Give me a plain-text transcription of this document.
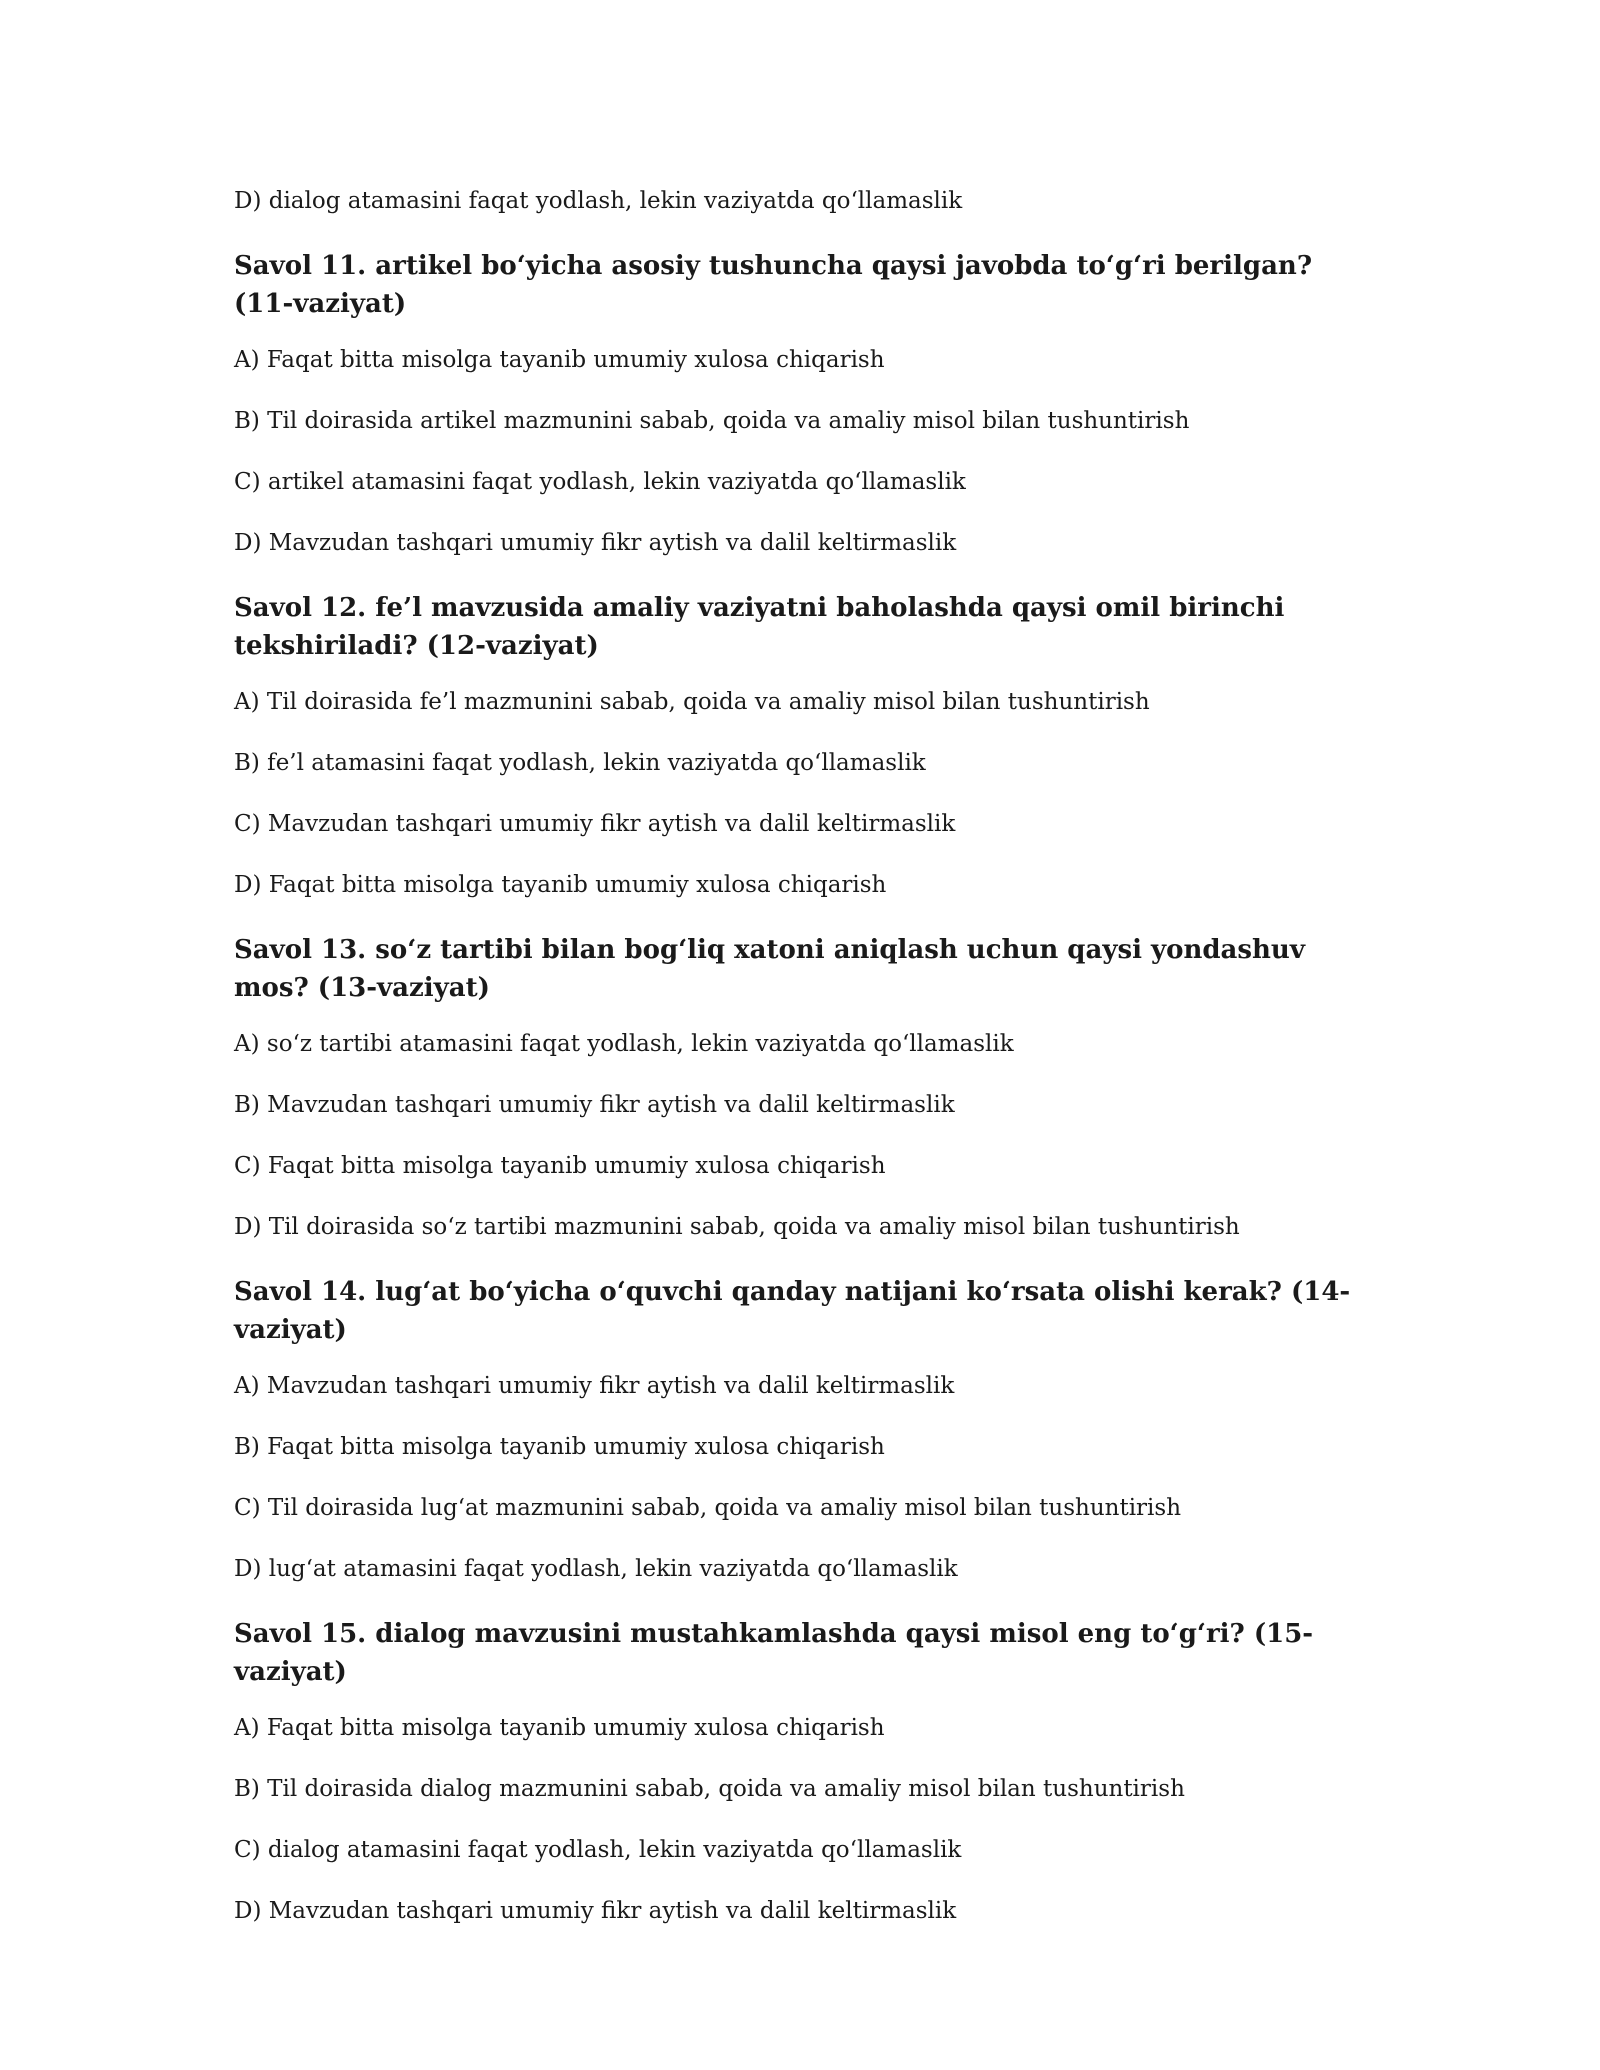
D) dialog atamasini faqat yodlash, lekin vaziyatda qoʻllamaslik

Savol 11. artikel boʻyicha asosiy tushuncha qaysi javobda toʻgʻri berilgan? (11-vaziyat)

A) Faqat bitta misolga tayanib umumiy xulosa chiqarish

B) Til doirasida artikel mazmunini sabab, qoida va amaliy misol bilan tushuntirish

C) artikel atamasini faqat yodlash, lekin vaziyatda qoʻllamaslik

D) Mavzudan tashqari umumiy fikr aytish va dalil keltirmaslik

Savol 12. fe’l mavzusida amaliy vaziyatni baholashda qaysi omil birinchi tekshiriladi? (12-vaziyat)

A) Til doirasida fe’l mazmunini sabab, qoida va amaliy misol bilan tushuntirish

B) fe’l atamasini faqat yodlash, lekin vaziyatda qoʻllamaslik

C) Mavzudan tashqari umumiy fikr aytish va dalil keltirmaslik

D) Faqat bitta misolga tayanib umumiy xulosa chiqarish

Savol 13. soʻz tartibi bilan bogʻliq xatoni aniqlash uchun qaysi yondashuv mos? (13-vaziyat)

A) soʻz tartibi atamasini faqat yodlash, lekin vaziyatda qoʻllamaslik

B) Mavzudan tashqari umumiy fikr aytish va dalil keltirmaslik

C) Faqat bitta misolga tayanib umumiy xulosa chiqarish

D) Til doirasida soʻz tartibi mazmunini sabab, qoida va amaliy misol bilan tushuntirish

Savol 14. lugʻat boʻyicha oʻquvchi qanday natijani koʻrsata olishi kerak? (14-vaziyat)

A) Mavzudan tashqari umumiy fikr aytish va dalil keltirmaslik

B) Faqat bitta misolga tayanib umumiy xulosa chiqarish

C) Til doirasida lugʻat mazmunini sabab, qoida va amaliy misol bilan tushuntirish

D) lugʻat atamasini faqat yodlash, lekin vaziyatda qoʻllamaslik

Savol 15. dialog mavzusini mustahkamlashda qaysi misol eng toʻgʻri? (15-vaziyat)

A) Faqat bitta misolga tayanib umumiy xulosa chiqarish

B) Til doirasida dialog mazmunini sabab, qoida va amaliy misol bilan tushuntirish

C) dialog atamasini faqat yodlash, lekin vaziyatda qoʻllamaslik

D) Mavzudan tashqari umumiy fikr aytish va dalil keltirmaslik
